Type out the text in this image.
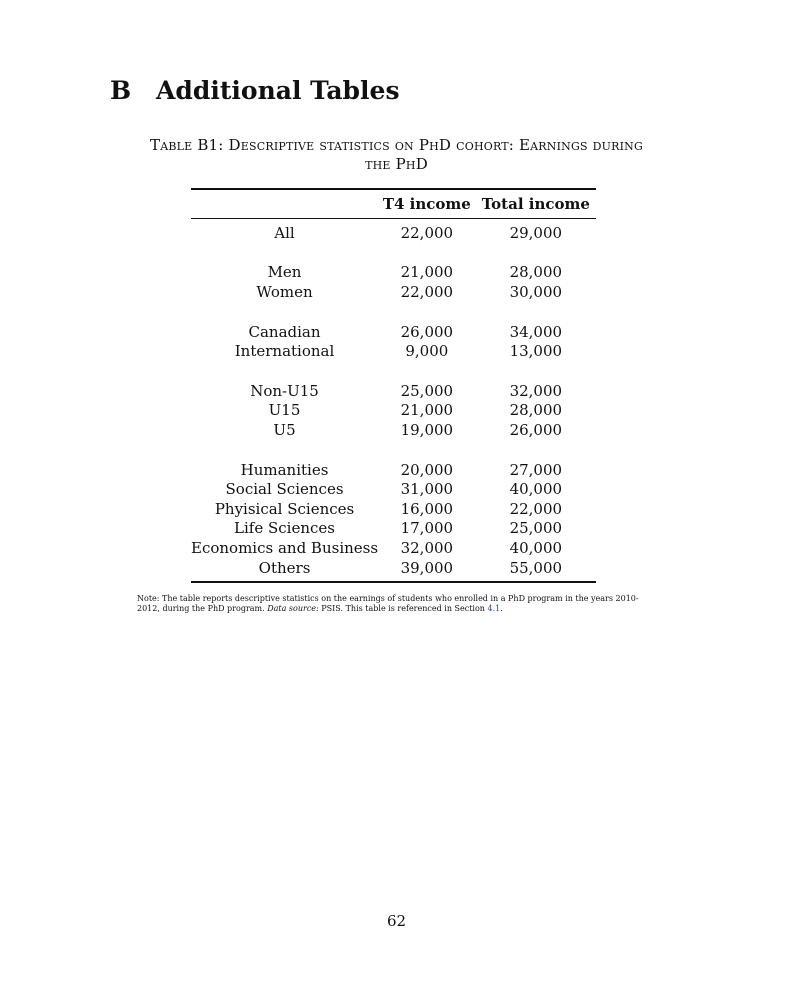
B Additional Tables
Table B1: Descriptive statistics on PhD cohort: Earnings during
the PhD
	T4 income	Total income
All	22,000	29,000
Men	21,000	28,000
Women	22,000	30,000
Canadian	26,000	34,000
International	9,000	13,000
Non-U15	25,000	32,000
U15	21,000	28,000
U5	19,000	26,000
Humanities	20,000	27,000
Social Sciences	31,000	40,000
Phyisical Sciences	16,000	22,000
Life Sciences	17,000	25,000
Economics and Business	32,000	40,000
Others	39,000	55,000
Note: The table reports descriptive statistics on the earnings of students who enrolled in a PhD program in the years 2010-2012, during the PhD program. Data source: PSIS. This table is referenced in Section 4.1.
62
